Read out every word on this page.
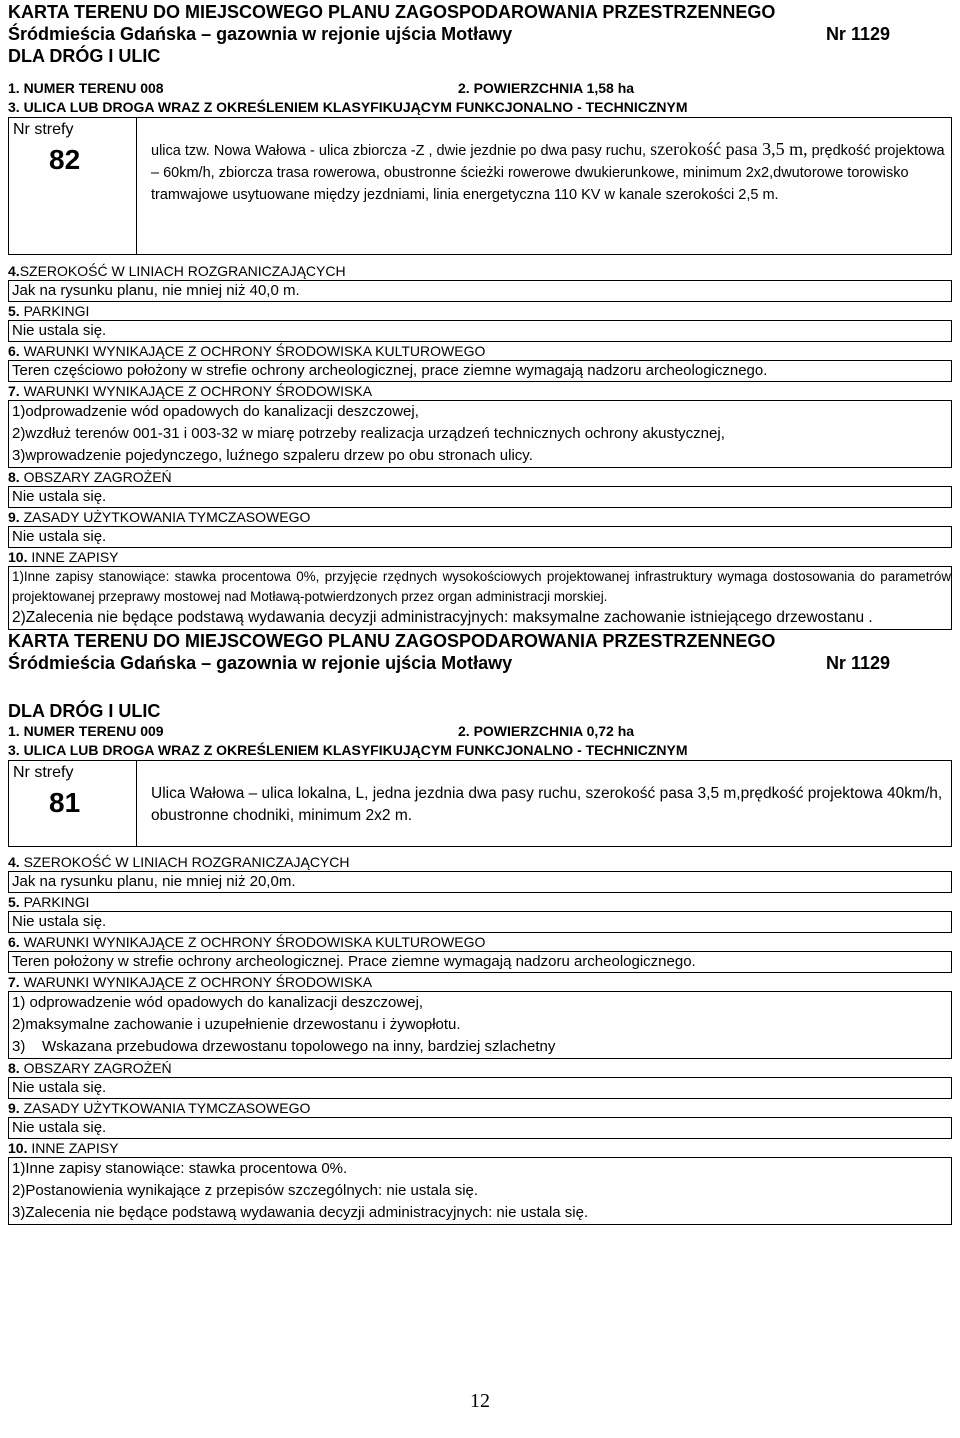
KARTA TERENU DO MIEJSCOWEGO PLANU ZAGOSPODAROWANIA PRZESTRZENNEGO
Śródmieścia Gdańska – gazownia w rejonie ujścia Motławy	Nr 1129
DLA DRÓG I ULIC
1. NUMER TERENU 008	2. POWIERZCHNIA 1,58 ha
3. ULICA LUB DROGA WRAZ Z OKREŚLENIEM KLASYFIKUJĄCYM FUNKCJONALNO - TECHNICZNYM
Nr strefy
82	ulica tzw. Nowa Wałowa - ulica zbiorcza -Z , dwie jezdnie po dwa pasy ruchu, szerokość pasa 3,5 m, prędkość projektowa – 60km/h, zbiorcza trasa rowerowa, obustronne ścieżki rowerowe dwukierunkowe, minimum 2x2,dwutorowe torowisko tramwajowe usytuowane między jezdniami, linia energetyczna 110 KV w kanale szerokości 2,5 m.
4.SZEROKOŚĆ W LINIACH ROZGRANICZAJĄCYCH
Jak na rysunku planu, nie mniej niż 40,0 m.
5. PARKINGI
Nie ustala się.
6. WARUNKI WYNIKAJĄCE Z OCHRONY ŚRODOWISKA KULTUROWEGO
Teren częściowo położony w strefie ochrony archeologicznej, prace ziemne wymagają nadzoru archeologicznego.
7. WARUNKI WYNIKAJĄCE Z OCHRONY ŚRODOWISKA
1)odprowadzenie wód opadowych do kanalizacji deszczowej,
2)wzdłuż terenów 001-31 i 003-32 w miarę potrzeby realizacja urządzeń technicznych ochrony akustycznej,
3)wprowadzenie pojedynczego, luźnego szpaleru drzew po obu stronach ulicy.
8. OBSZARY ZAGROŻEŃ
Nie ustala się.
9. ZASADY UŻYTKOWANIA TYMCZASOWEGO
Nie ustala się.
10. INNE ZAPISY
1)Inne zapisy stanowiące: stawka procentowa 0%, przyjęcie rzędnych wysokościowych projektowanej infrastruktury wymaga dostosowania do parametrów projektowanej przeprawy mostowej nad Motławą-potwierdzonych przez organ administracji morskiej.
2)Zalecenia nie będące podstawą wydawania decyzji administracyjnych: maksymalne zachowanie istniejącego drzewostanu .
KARTA TERENU DO MIEJSCOWEGO PLANU ZAGOSPODAROWANIA PRZESTRZENNEGO
Śródmieścia Gdańska – gazownia w rejonie ujścia Motławy	Nr 1129
DLA DRÓG I ULIC
1. NUMER TERENU 009	2. POWIERZCHNIA 0,72 ha
3. ULICA LUB DROGA WRAZ Z OKREŚLENIEM KLASYFIKUJĄCYM FUNKCJONALNO - TECHNICZNYM
Nr strefy
81	Ulica Wałowa – ulica lokalna, L, jedna jezdnia dwa pasy ruchu, szerokość pasa 3,5 m,prędkość projektowa 40km/h, obustronne chodniki, minimum 2x2 m.
4. SZEROKOŚĆ W LINIACH ROZGRANICZAJĄCYCH
Jak na rysunku planu, nie mniej niż 20,0m.
5. PARKINGI
Nie ustala się.
6. WARUNKI WYNIKAJĄCE Z OCHRONY ŚRODOWISKA KULTUROWEGO
Teren położony w strefie ochrony archeologicznej. Prace ziemne wymagają nadzoru archeologicznego.
7. WARUNKI WYNIKAJĄCE Z OCHRONY ŚRODOWISKA
1) odprowadzenie wód opadowych do kanalizacji deszczowej,
2)maksymalne zachowanie i uzupełnienie drzewostanu i żywopłotu.
3)    Wskazana przebudowa drzewostanu topolowego na inny, bardziej szlachetny
8. OBSZARY ZAGROŻEŃ
Nie ustala się.
9. ZASADY UŻYTKOWANIA TYMCZASOWEGO
Nie ustala się.
10. INNE ZAPISY
1)Inne zapisy stanowiące: stawka procentowa 0%.
2)Postanowienia wynikające z przepisów szczególnych: nie ustala się.
3)Zalecenia nie będące podstawą wydawania decyzji administracyjnych: nie ustala się.
12
